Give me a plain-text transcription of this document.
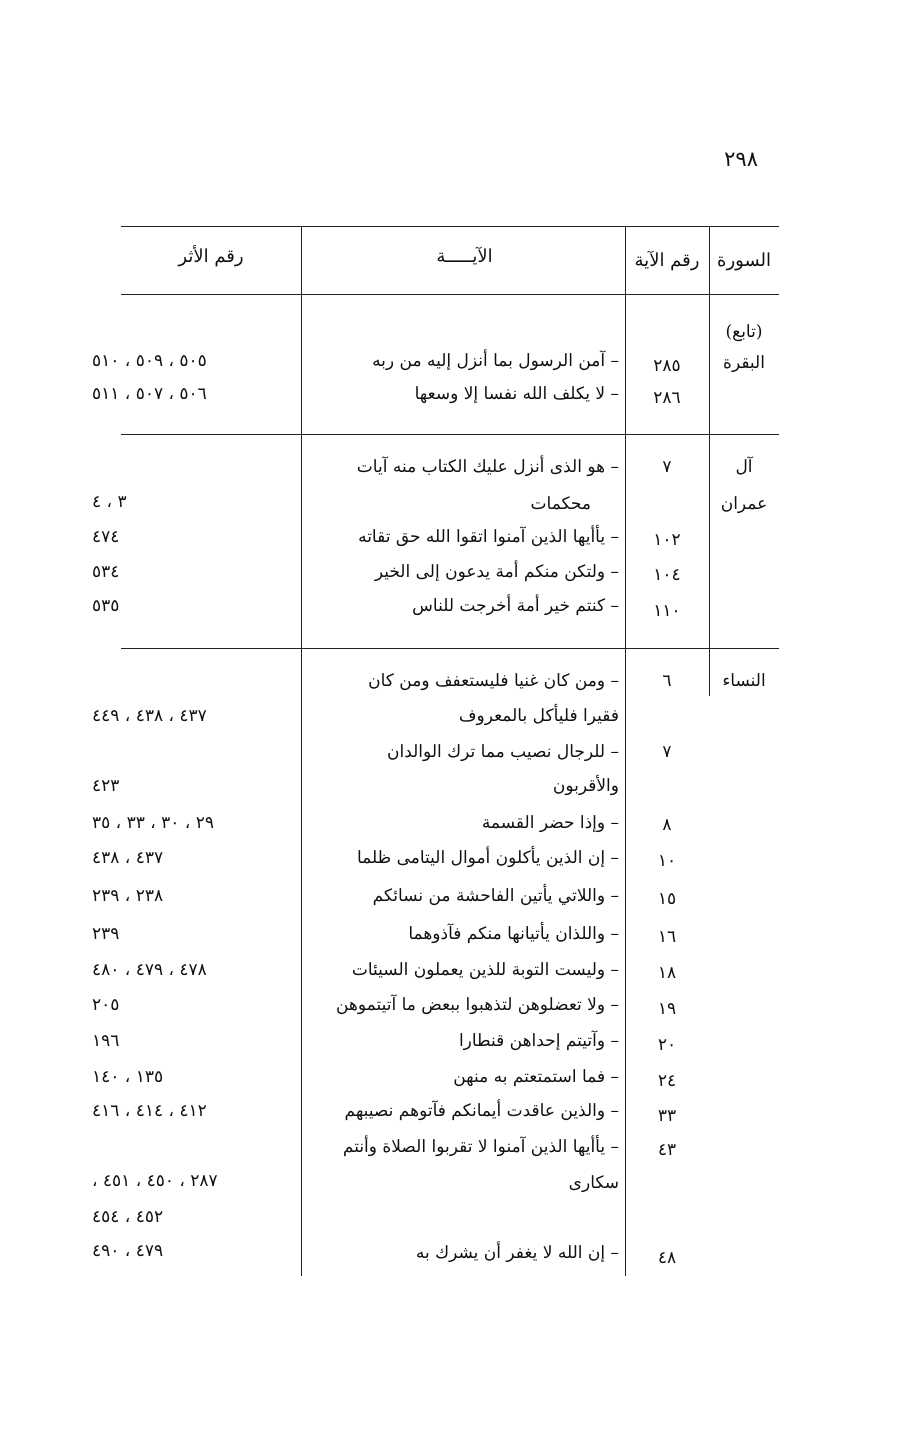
٢٩٨
السورة
رقم الآية
الآيـــــة
رقم الأثر
(تابع)
البقرة
٢٨٥
– آمن الرسول بما أنزل إليه من ربه
٥٠٥ ، ٥٠٩ ، ٥١٠
٢٨٦
– لا يكلف الله نفسا إلا وسعها
٥٠٦ ، ٥٠٧ ، ٥١١
آل
عمران
٧
– هو الذى أنزل عليك الكتاب منه آيات
محكمات
٣ ، ٤
١٠٢
– يأأيها الذين آمنوا اتقوا الله حق تقاته
٤٧٤
١٠٤
– ولتكن منكم أمة يدعون إلى الخير
٥٣٤
١١٠
– كنتم خير أمة أخرجت للناس
٥٣٥
النساء
٦
– ومن كان غنيا فليستعفف ومن كان
فقيرا فليأكل بالمعروف
٤٣٧ ، ٤٣٨ ، ٤٤٩
٧
– للرجال نصيب مما ترك الوالدان
والأقربون
٤٢٣
٨
– وإذا حضر القسمة
٢٩ ، ٣٠ ، ٣٣ ، ٣٥
١٠
– إن الذين يأكلون أموال اليتامى ظلما
٤٣٧ ، ٤٣٨
١٥
– واللاتي يأتين الفاحشة من نسائكم
٢٣٨ ، ٢٣٩
١٦
– واللذان يأتيانها منكم فآذوهما
٢٣٩
١٨
– وليست التوبة للذين يعملون السيئات
٤٧٨ ، ٤٧٩ ، ٤٨٠
١٩
– ولا تعضلوهن لتذهبوا ببعض ما آتيتموهن
٢٠٥
٢٠
– وآتيتم إحداهن قنطارا
١٩٦
٢٤
– فما استمتعتم به منهن
١٣٥ ، ١٤٠
٣٣
– والذين عاقدت أيمانكم فآتوهم نصيبهم
٤١٢ ، ٤١٤ ، ٤١٦
٤٣
– يأأيها الذين آمنوا لا تقربوا الصلاة وأنتم
سكارى
٢٨٧ ، ٤٥٠ ، ٤٥١ ،
٤٥٢ ، ٤٥٤
٤٨
– إن الله لا يغفر أن يشرك به
٤٧٩ ، ٤٩٠
